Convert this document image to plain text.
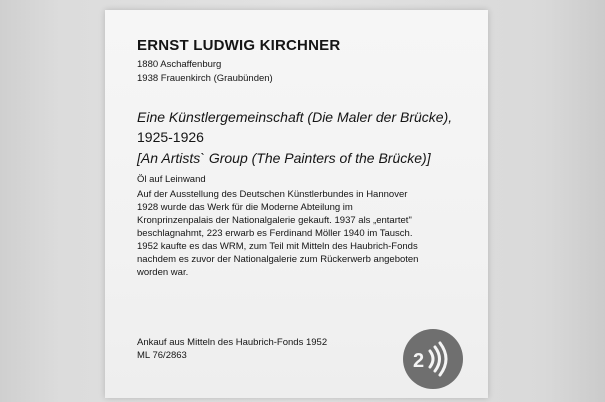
ERNST LUDWIG KIRCHNER
1880 Aschaffenburg
1938 Frauenkirch (Graubünden)
Eine Künstlergemeinschaft (Die Maler der Brücke),
1925-1926
[An Artists` Group (The Painters of the Brücke)]
Öl auf Leinwand
Auf der Ausstellung des Deutschen Künstlerbundes in Hannover
1928 wurde das Werk für die Moderne Abteilung im
Kronprinzenpalais der Nationalgalerie gekauft. 1937 als „entartet"
beschlagnahmt, 223 erwarb es Ferdinand Möller 1940 im Tausch.
1952 kaufte es das WRM, zum Teil mit Mitteln des Haubrich-Fonds
nachdem es zuvor der Nationalgalerie zum Rückerwerb angeboten
worden war.
Ankauf aus Mitteln des Haubrich-Fonds 1952
ML 76/2863	2
